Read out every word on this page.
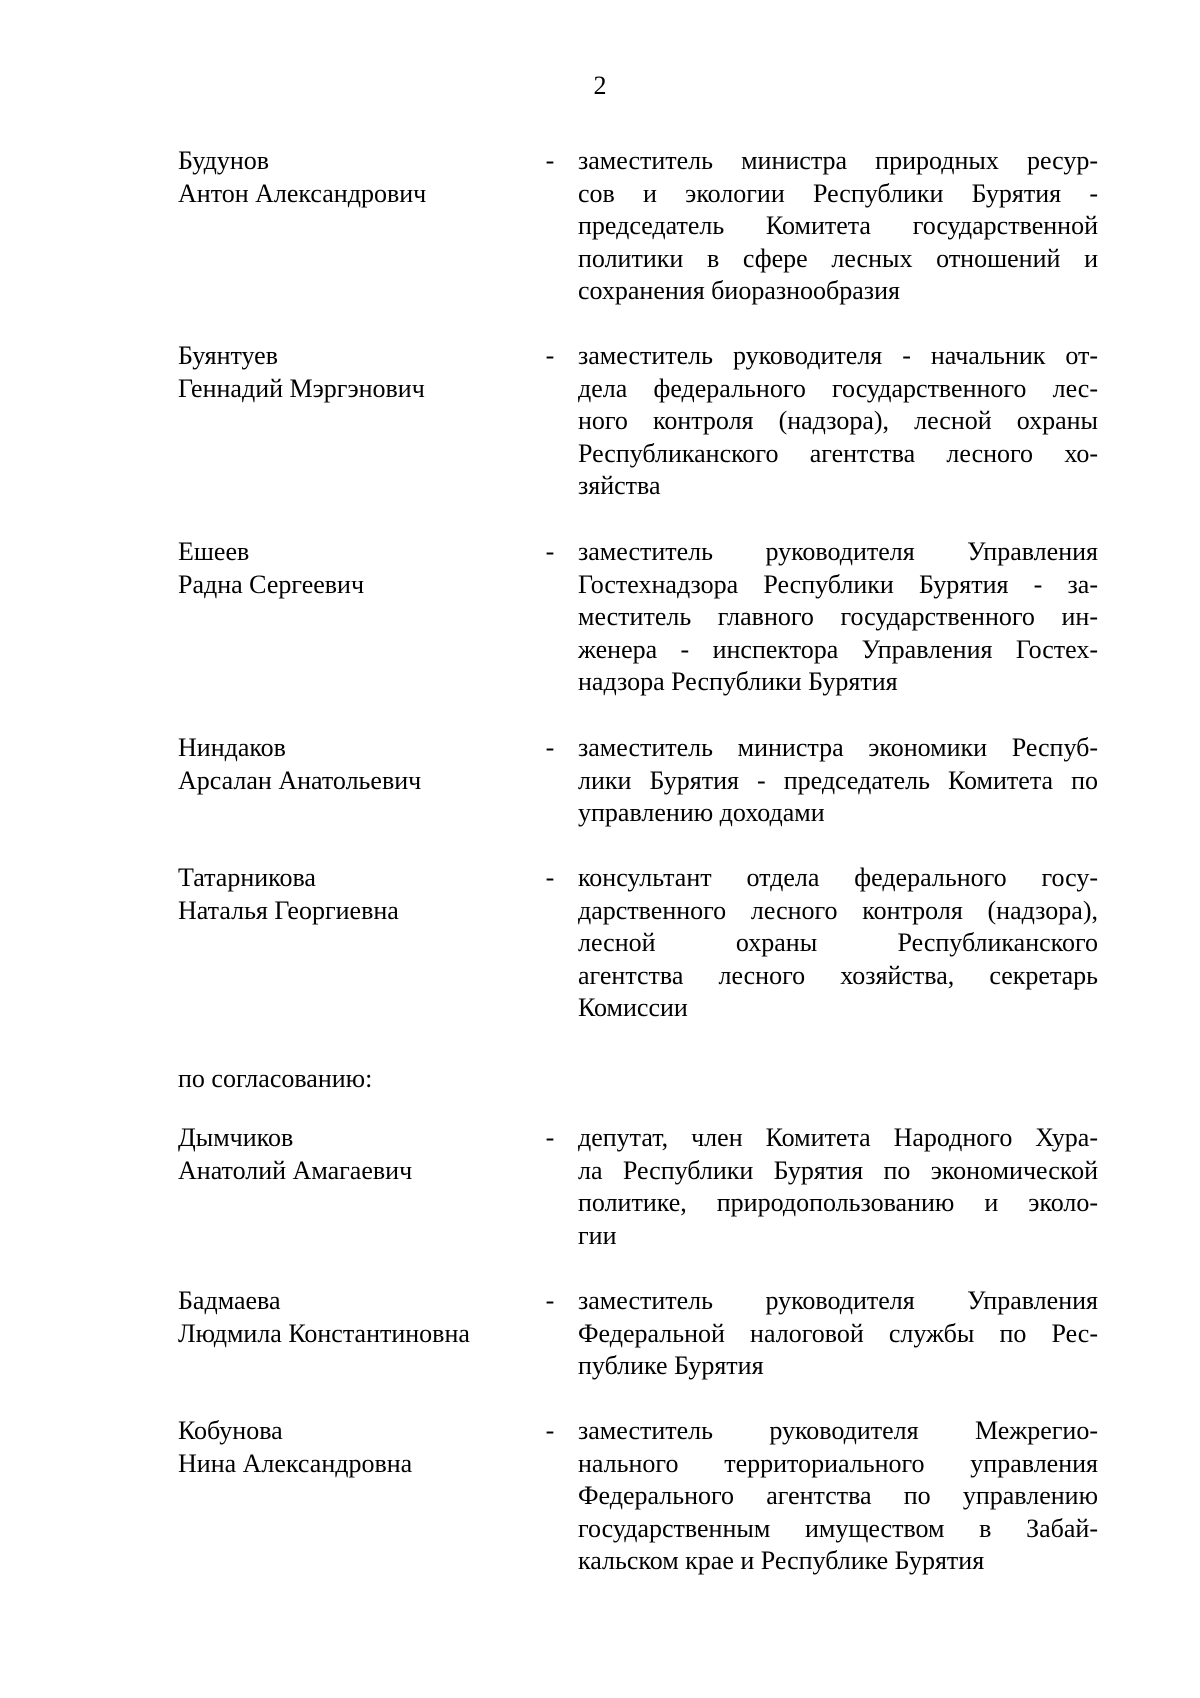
2
Будунов
Антон Александрович
- заместитель министра природных ресур-
сов и экологии Республики Бурятия -
председатель Комитета государственной
политики в сфере лесных отношений и
сохранения биоразнообразия
Буянтуев
Геннадий Мэргэнович
- заместитель руководителя - начальник от-
дела федерального государственного лес-
ного контроля (надзора), лесной охраны
Республиканского агентства лесного хо-
зяйства
Ешеев
Радна Сергеевич
- заместитель руководителя Управления
Гостехнадзора Республики Бурятия - за-
меститель главного государственного ин-
женера - инспектора Управления Гостех-
надзора Республики Бурятия
Ниндаков
Арсалан Анатольевич
- заместитель министра экономики Респуб-
лики Бурятия - председатель Комитета по
управлению доходами
Татарникова
Наталья Георгиевна
- консультант отдела федерального госу-
дарственного лесного контроля (надзора),
лесной охраны Республиканского
агентства лесного хозяйства, секретарь
Комиссии
по согласованию:
Дымчиков
Анатолий Амагаевич
- депутат, член Комитета Народного Хура-
ла Республики Бурятия по экономической
политике, природопользованию и эколо-
гии
Бадмаева
Людмила Константиновна
- заместитель руководителя Управления
Федеральной налоговой службы по Рес-
публике Бурятия
Кобунова
Нина Александровна
- заместитель руководителя Межрегио-
нального территориального управления
Федерального агентства по управлению
государственным имуществом в Забай-
кальском крае и Республике Бурятия
